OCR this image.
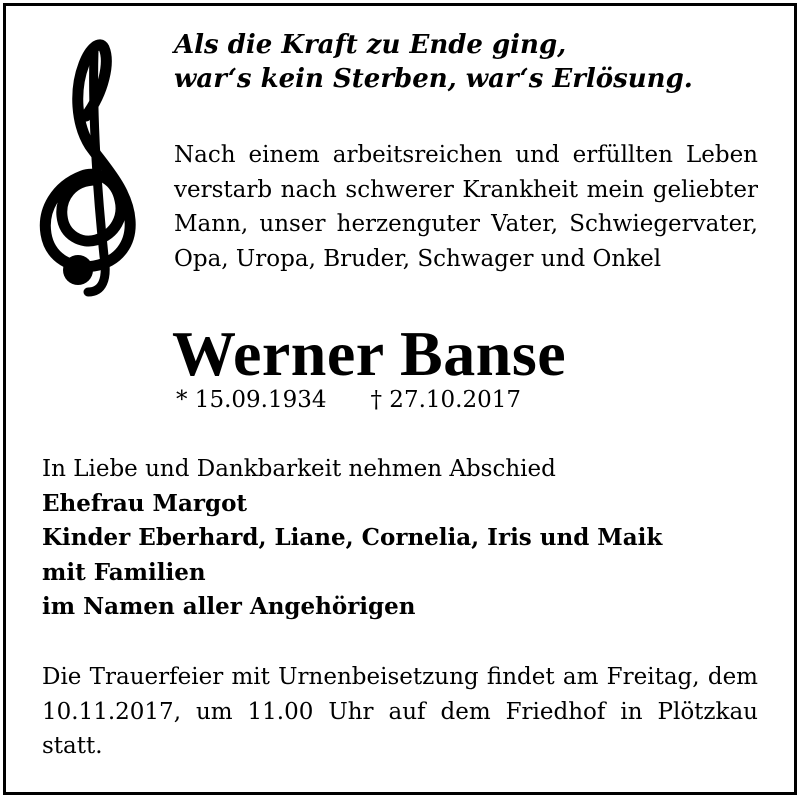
Als die Kraft zu Ende ging,
war‘s kein Sterben, war‘s Erlösung.
Nach einem arbeitsreichen und erfüllten Leben verstarb nach schwerer Krankheit mein geliebter Mann, unser herzenguter Vater, Schwiegervater, Opa, Uropa, Bruder, Schwager und Onkel
Werner Banse
* 15.09.1934 † 27.10.2017
In Liebe und Dankbarkeit nehmen Abschied
Ehefrau Margot
Kinder Eberhard, Liane, Cornelia, Iris und Maik
mit Familien
im Namen aller Angehörigen
Die Trauerfeier mit Urnenbeisetzung findet am Freitag, dem 10.11.2017, um 11.00 Uhr auf dem Friedhof in Plötzkau statt.
